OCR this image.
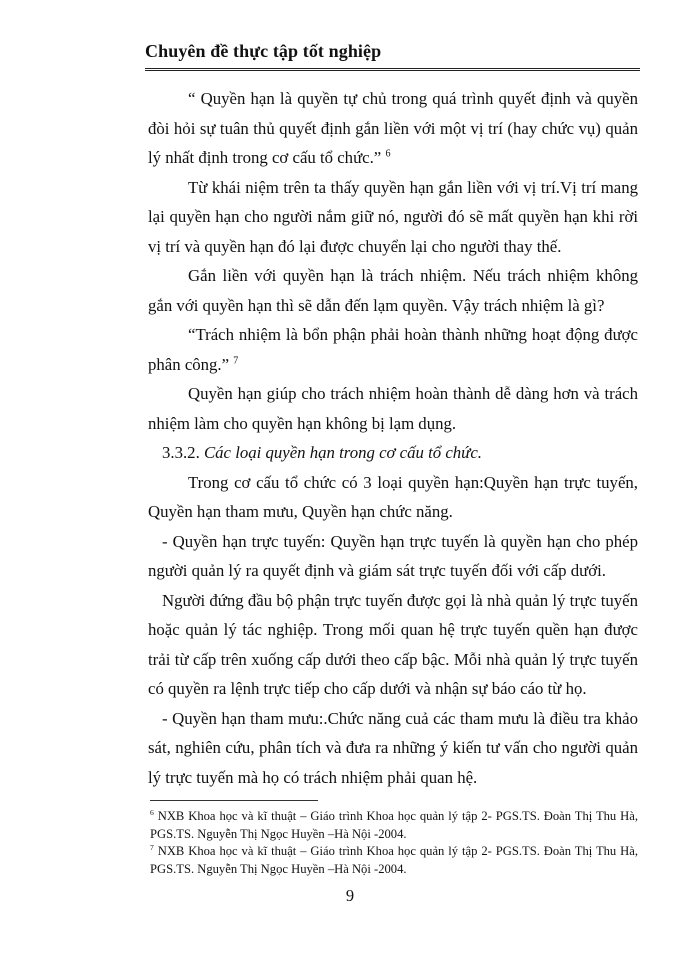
Chuyên đề thực tập tốt nghiệp

“ Quyền hạn là quyền tự chủ trong quá trình quyết định và quyền đòi hỏi sự tuân thủ quyết định gắn liền với một vị trí (hay chức vụ) quản lý nhất định trong cơ cấu tổ chức.” $^6$

Từ khái niệm trên ta thấy quyền hạn gắn liền với vị trí.Vị trí mang lại quyền hạn cho người nắm giữ nó, người đó sẽ mất quyền hạn khi rời vị trí và quyền hạn đó lại được chuyển lại cho người thay thế.

Gắn liền với quyền hạn là trách nhiệm. Nếu trách nhiệm không gắn với quyền hạn thì sẽ dẫn đến lạm quyền. Vậy trách nhiệm là gì?

“Trách nhiệm là bổn phận phải hoàn thành những hoạt động được phân công.” $^7$

Quyền hạn giúp cho trách nhiệm hoàn thành dễ dàng hơn và trách nhiệm làm cho quyền hạn không bị lạm dụng.

3.3.2. Các loại quyền hạn trong cơ cấu tổ chức.

Trong cơ cấu tổ chức có 3 loại quyền hạn:Quyền hạn trực tuyến, Quyền hạn tham mưu, Quyền hạn chức năng.

- Quyền hạn trực tuyến: Quyền hạn trực tuyến là quyền hạn cho phép người quản lý ra quyết định và giám sát trực tuyến đối với cấp dưới.

Người đứng đầu bộ phận trực tuyến được gọi là nhà quản lý trực tuyến hoặc quản lý tác nghiệp. Trong mối quan hệ trực tuyến quền hạn được trải từ cấp trên xuống cấp dưới theo cấp bậc. Mỗi nhà quản lý trực tuyến có quyền ra lệnh trực tiếp cho cấp dưới và nhận sự báo cáo từ họ.

- Quyền hạn tham mưu:.Chức năng cuả các tham mưu là điều tra khảo sát, nghiên cứu, phân tích và đưa ra những ý kiến tư vấn cho người quản lý trực tuyến mà họ có trách nhiệm phải quan hệ.

$^6$ NXB Khoa học và kĩ thuật – Giáo trình Khoa học quản lý tập 2- PGS.TS. Đoàn Thị Thu Hà, PGS.TS. Nguyễn Thị Ngọc Huyền –Hà Nội -2004.

$^7$ NXB Khoa học và kĩ thuật – Giáo trình Khoa học quản lý tập 2- PGS.TS. Đoàn Thị Thu Hà, PGS.TS. Nguyễn Thị Ngọc Huyền –Hà Nội -2004.

9
